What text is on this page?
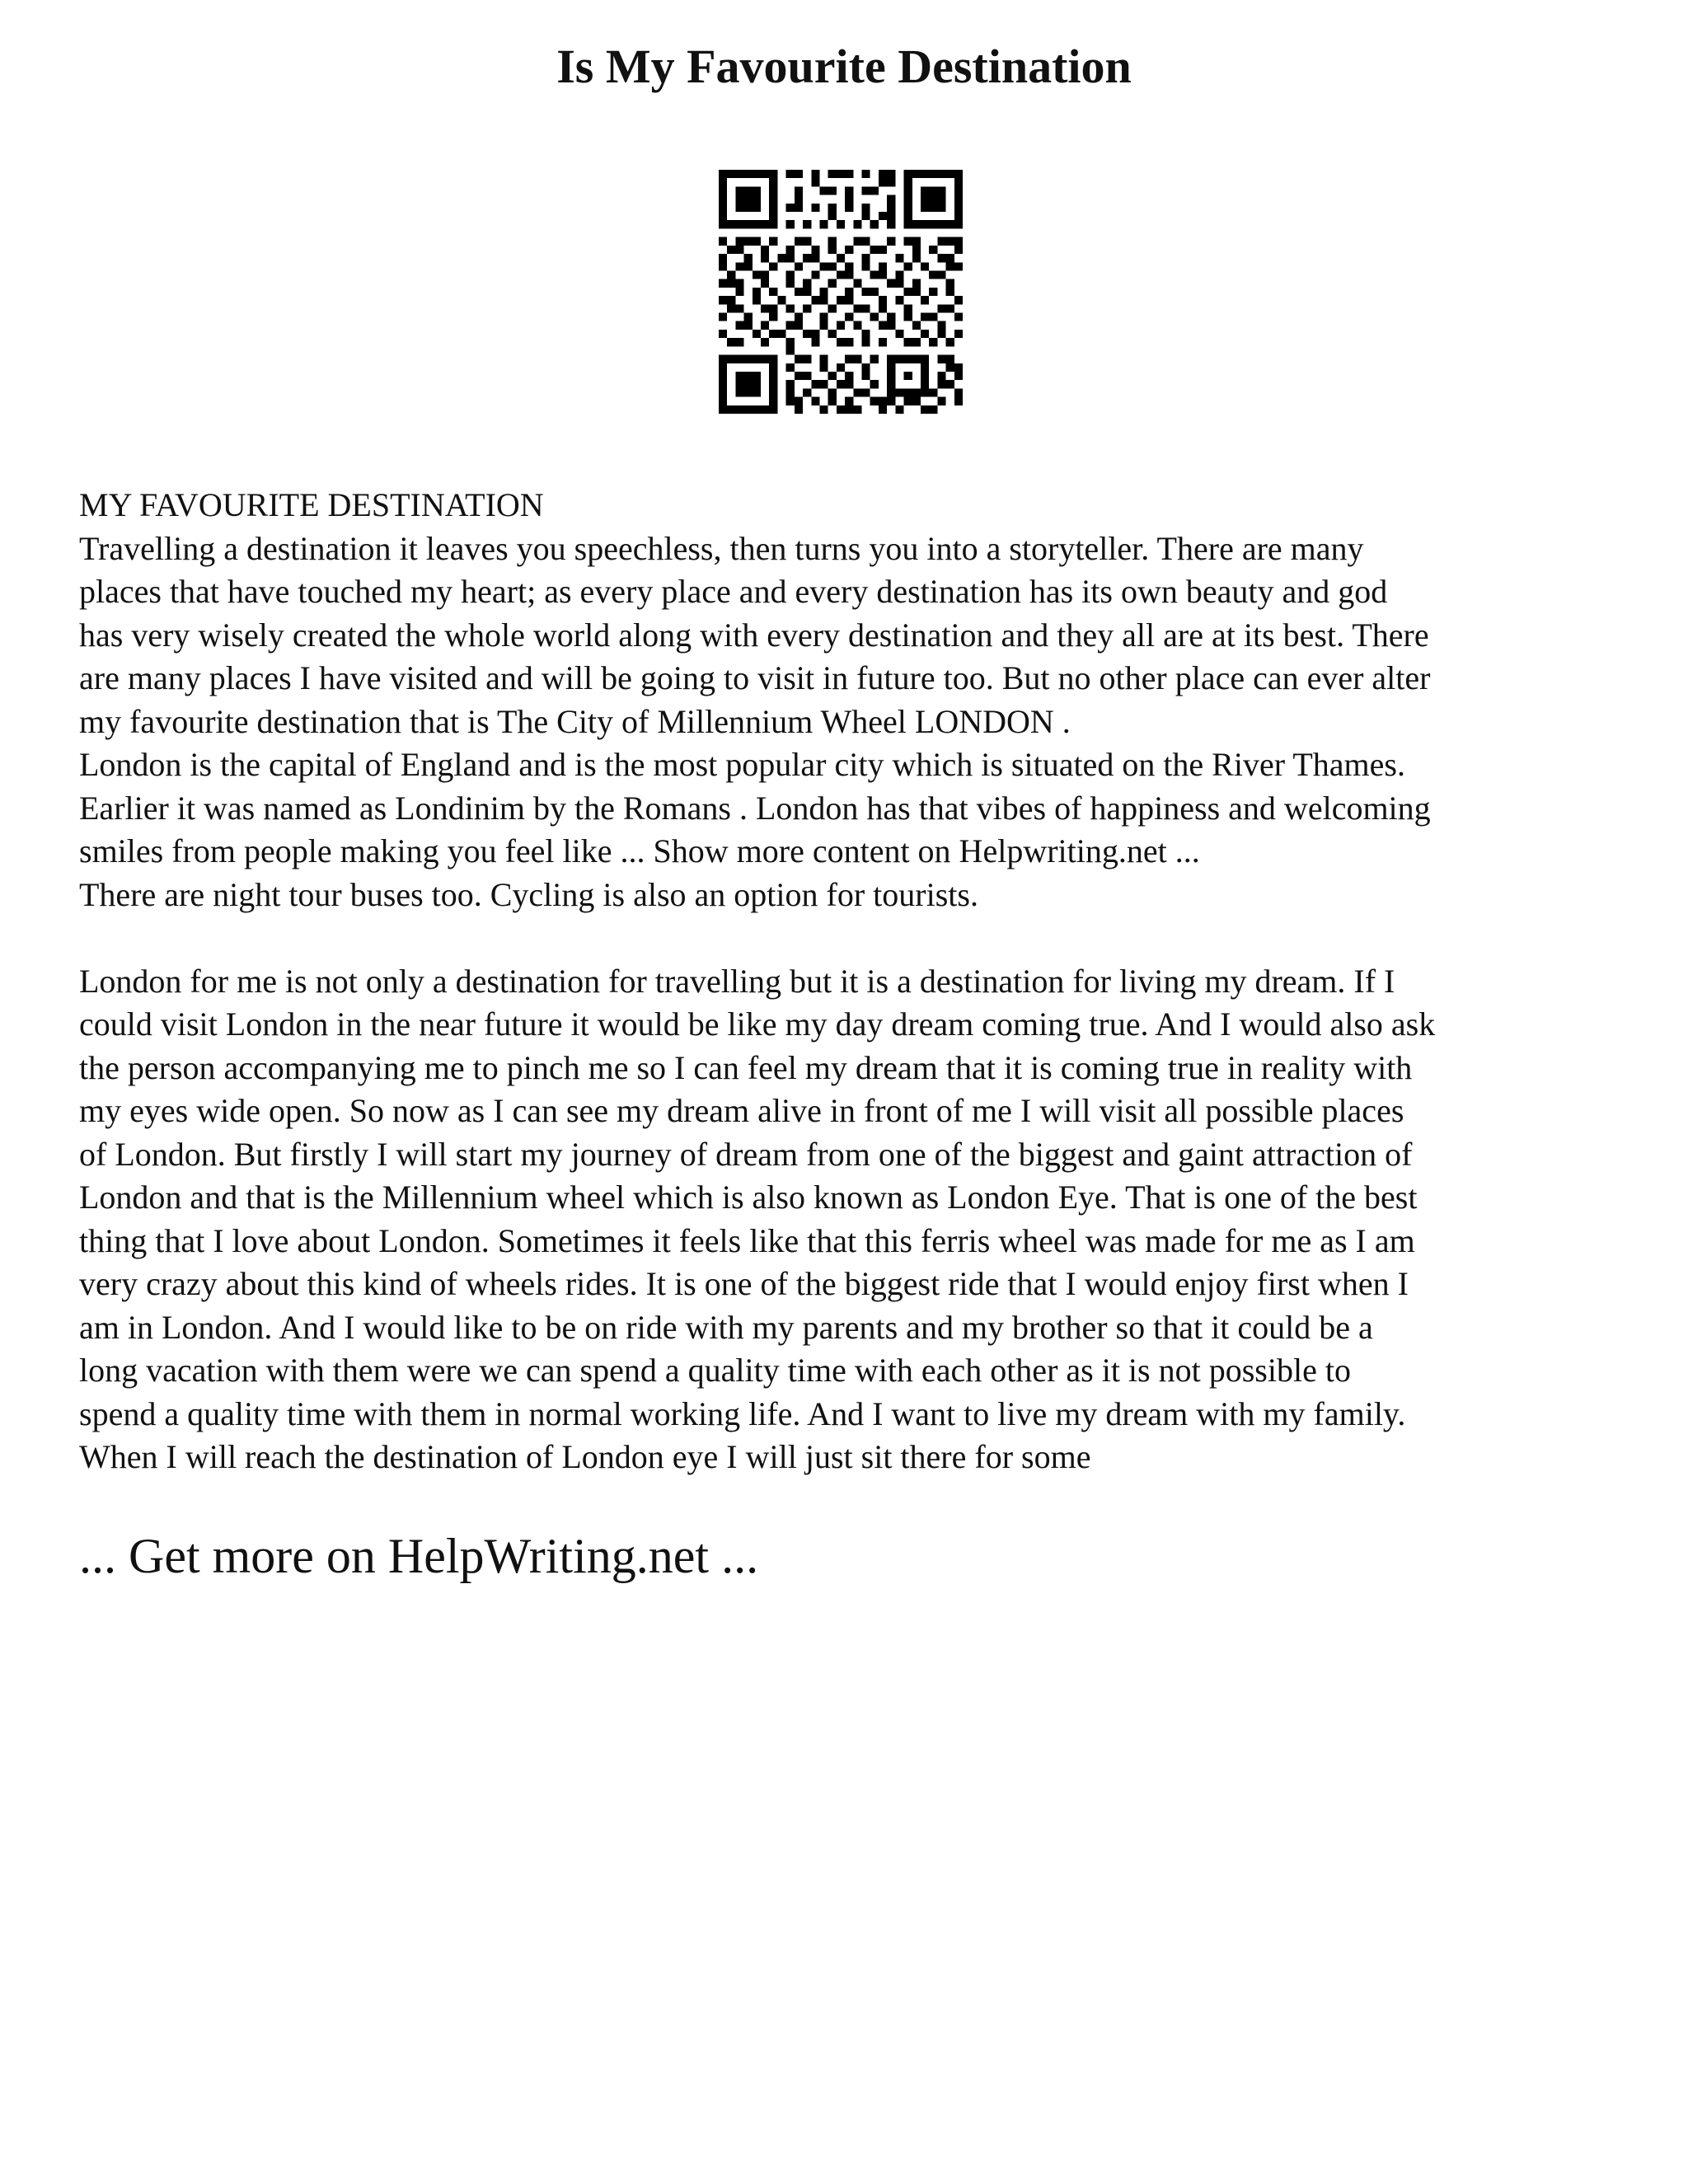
Is My Favourite Destination

MY FAVOURITE DESTINATION

Travelling a destination it leaves you speechless, then turns you into a storyteller. There are many
places that have touched my heart; as every place and every destination has its own beauty and god
has very wisely created the whole world along with every destination and they all are at its best. There
are many places I have visited and will be going to visit in future too. But no other place can ever alter
my favourite destination that is The City of Millennium Wheel LONDON .

London is the capital of England and is the most popular city which is situated on the River Thames.
Earlier it was named as Londinim by the Romans . London has that vibes of happiness and welcoming
smiles from people making you feel like ... Show more content on Helpwriting.net ...

There are night tour buses too. Cycling is also an option for tourists.

London for me is not only a destination for travelling but it is a destination for living my dream. If I
could visit London in the near future it would be like my day dream coming true. And I would also ask
the person accompanying me to pinch me so I can feel my dream that it is coming true in reality with
my eyes wide open. So now as I can see my dream alive in front of me I will visit all possible places
of London. But firstly I will start my journey of dream from one of the biggest and gaint attraction of
London and that is the Millennium wheel which is also known as London Eye. That is one of the best
thing that I love about London. Sometimes it feels like that this ferris wheel was made for me as I am
very crazy about this kind of wheels rides. It is one of the biggest ride that I would enjoy first when I
am in London. And I would like to be on ride with my parents and my brother so that it could be a
long vacation with them were we can spend a quality time with each other as it is not possible to
spend a quality time with them in normal working life. And I want to live my dream with my family.
When I will reach the destination of London eye I will just sit there for some

... Get more on HelpWriting.net ...
